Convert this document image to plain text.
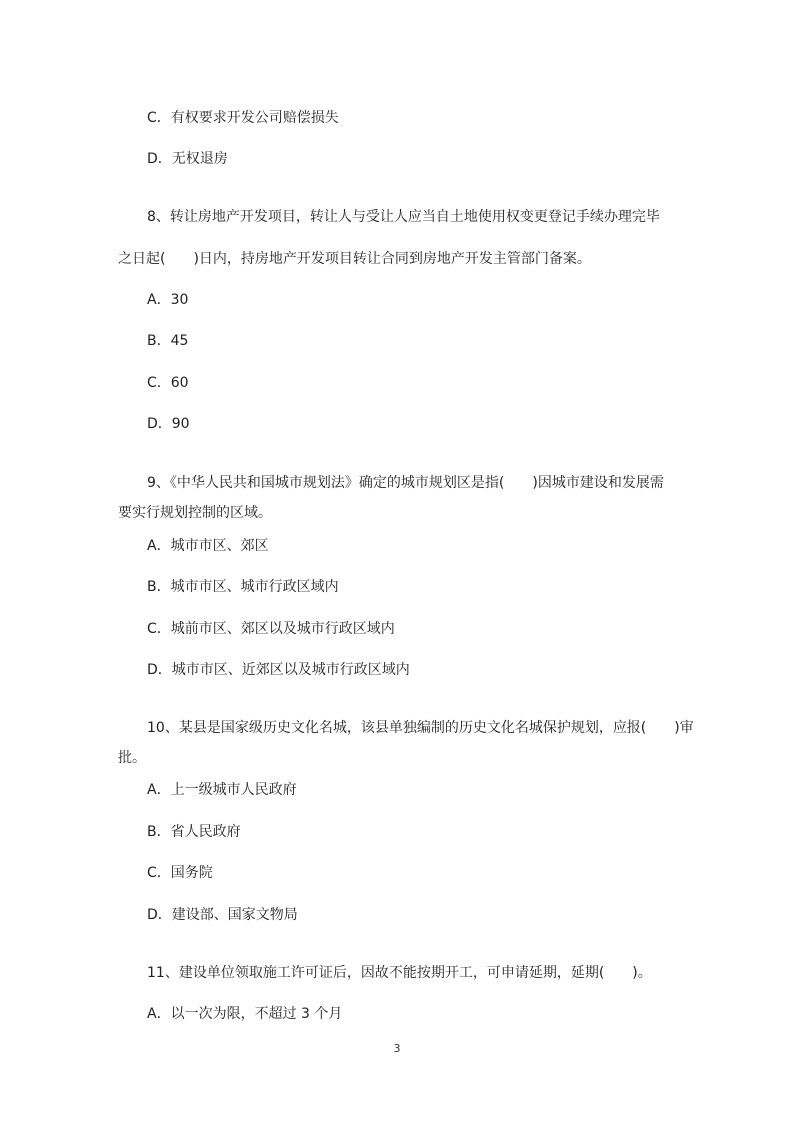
C．有权要求开发公司赔偿损失
D．无权退房
8、转让房地产开发项目，转让人与受让人应当自土地使用权变更登记手续办理完毕
之日起(　　)日内，持房地产开发项目转让合同到房地产开发主管部门备案。
A．30
B．45
C．60
D．90
9、《中华人民共和国城市规划法》确定的城市规划区是指(　　)因城市建设和发展需
要实行规划控制的区域。
A．城市市区、郊区
B．城市市区、城市行政区域内
C．城前市区、郊区以及城市行政区域内
D．城市市区、近郊区以及城市行政区域内
10、某县是国家级历史文化名城，该县单独编制的历史文化名城保护规划，应报(　　)审
批。
A．上一级城市人民政府
B．省人民政府
C．国务院
D．建设部、国家文物局
11、建设单位领取施工许可证后，因故不能按期开工，可申请延期，延期(　　)。
A．以一次为限，不超过 3 个月
3
